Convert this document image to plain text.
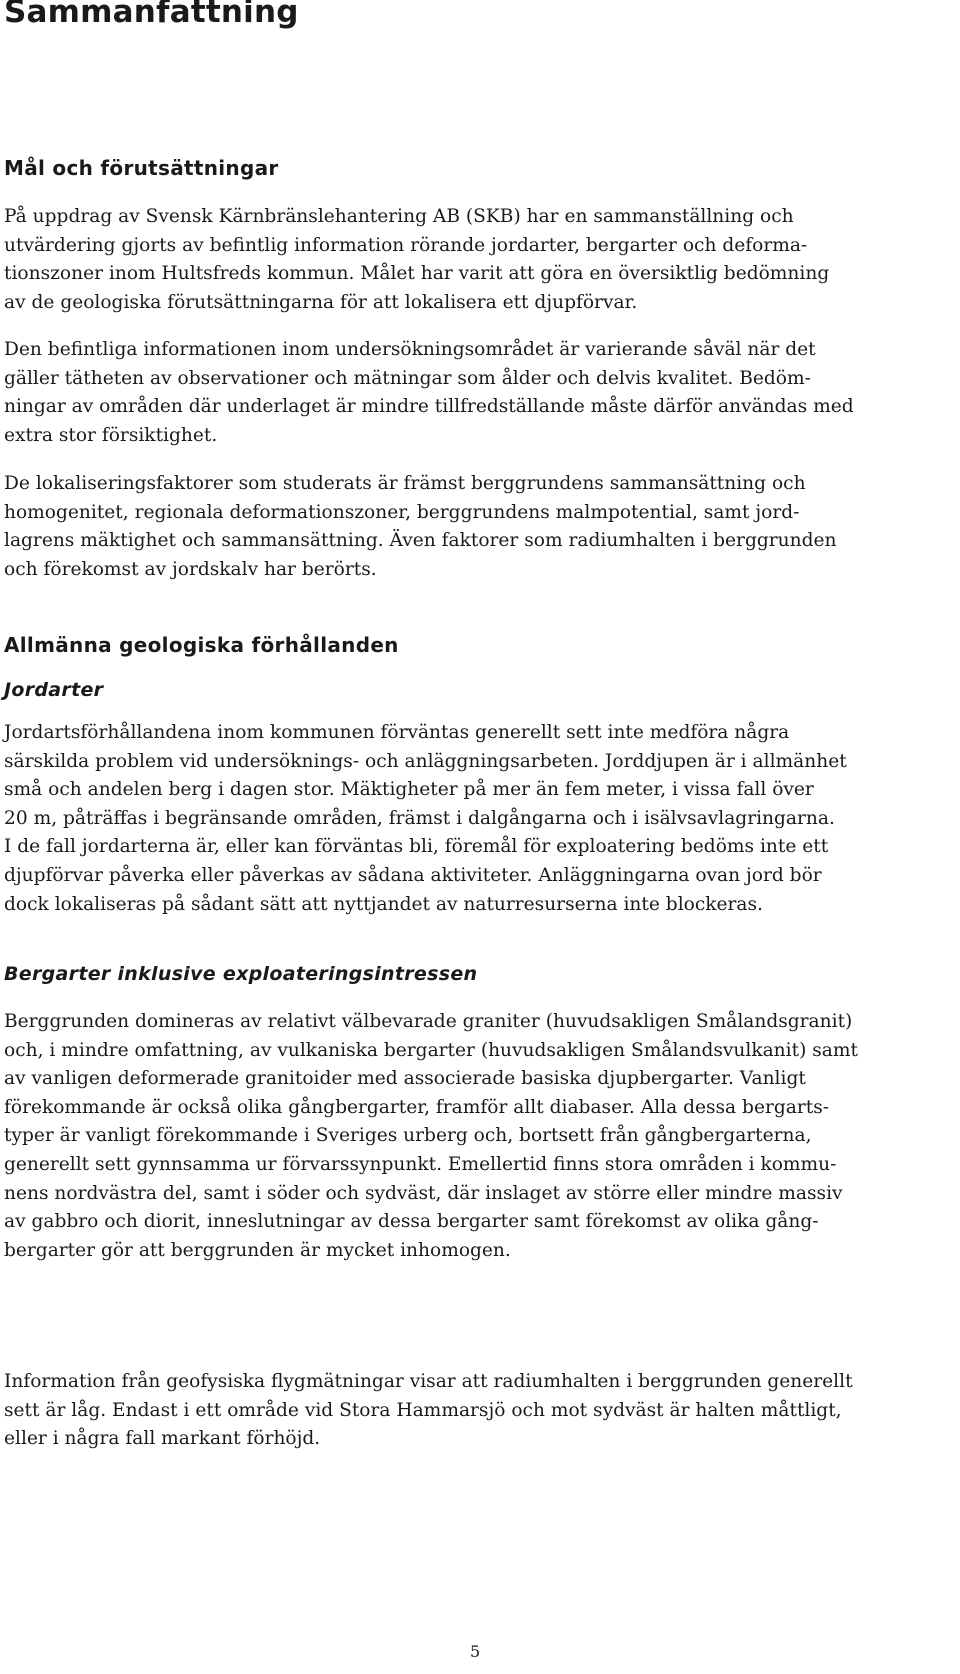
Sammanfattning
Mål och förutsättningar

På uppdrag av Svensk Kärnbränslehantering AB (SKB) har en sammanställning och
utvärdering gjorts av befintlig information rörande jordarter, bergarter och deforma-
tionszoner inom Hultsfreds kommun. Målet har varit att göra en översiktlig bedömning
av de geologiska förutsättningarna för att lokalisera ett djupförvar.

Den befintliga informationen inom undersökningsområdet är varierande såväl när det
gäller tätheten av observationer och mätningar som ålder och delvis kvalitet. Bedöm-
ningar av områden där underlaget är mindre tillfredställande måste därför användas med
extra stor försiktighet.

De lokaliseringsfaktorer som studerats är främst berggrundens sammansättning och
homogenitet, regionala deformationszoner, berggrundens malmpotential, samt jord-
lagrens mäktighet och sammansättning. Även faktorer som radiumhalten i berggrunden
och förekomst av jordskalv har berörts.

Allmänna geologiska förhållanden
Jordarter

Jordartsförhållandena inom kommunen förväntas generellt sett inte medföra några
särskilda problem vid undersöknings- och anläggningsarbeten. Jorddjupen är i allmänhet
små och andelen berg i dagen stor. Mäktigheter på mer än fem meter, i vissa fall över
20 m, påträffas i begränsande områden, främst i dalgångarna och i isälvsavlagringarna.
I de fall jordarterna är, eller kan förväntas bli, föremål för exploatering bedöms inte ett
djupförvar påverka eller påverkas av sådana aktiviteter. Anläggningarna ovan jord bör
dock lokaliseras på sådant sätt att nyttjandet av naturresurserna inte blockeras.

Bergarter inklusive exploateringsintressen

Berggrunden domineras av relativt välbevarade graniter (huvudsakligen Smålandsgranit)
och, i mindre omfattning, av vulkaniska bergarter (huvudsakligen Smålandsvulkanit) samt
av vanligen deformerade granitoider med associerade basiska djupbergarter. Vanligt
förekommande är också olika gångbergarter, framför allt diabaser. Alla dessa bergarts-
typer är vanligt förekommande i Sveriges urberg och, bortsett från gångbergarterna,
generellt sett gynnsamma ur förvarssynpunkt. Emellertid finns stora områden i kommu-
nens nordvästra del, samt i söder och sydväst, där inslaget av större eller mindre massiv
av gabbro och diorit, inneslutningar av dessa bergarter samt förekomst av olika gång-
bergarter gör att berggrunden är mycket inhomogen.

Information från geofysiska flygmätningar visar att radiumhalten i berggrunden generellt
sett är låg. Endast i ett område vid Stora Hammarsjö och mot sydväst är halten måttligt,
eller i några fall markant förhöjd.

5
